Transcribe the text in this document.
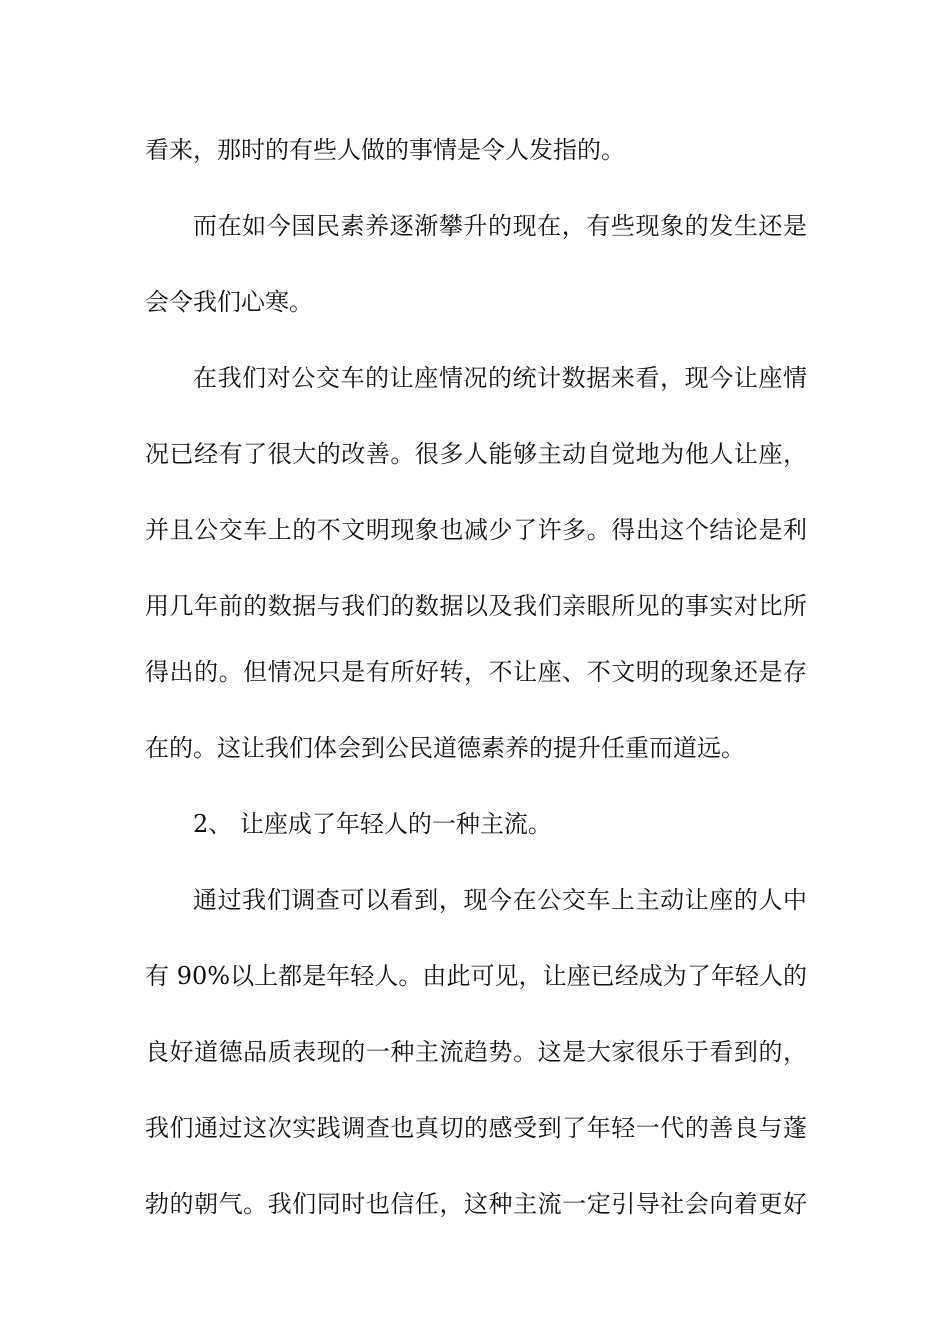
看来，那时的有些人做的事情是令人发指的。

而在如今国民素养逐渐攀升的现在，有些现象的发生还是

会令我们心寒。

在我们对公交车的让座情况的统计数据来看，现今让座情

况已经有了很大的改善。很多人能够主动自觉地为他人让座，

并且公交车上的不文明现象也减少了许多。得出这个结论是利

用几年前的数据与我们的数据以及我们亲眼所见的事实对比所

得出的。但情况只是有所好转，不让座、不文明的现象还是存

在的。这让我们体会到公民道德素养的提升任重而道远。

2、 让座成了年轻人的一种主流。

通过我们调查可以看到，现今在公交车上主动让座的人中

有 90%以上都是年轻人。由此可见，让座已经成为了年轻人的

良好道德品质表现的一种主流趋势。这是大家很乐于看到的，

我们通过这次实践调查也真切的感受到了年轻一代的善良与蓬

勃的朝气。我们同时也信任，这种主流一定引导社会向着更好
